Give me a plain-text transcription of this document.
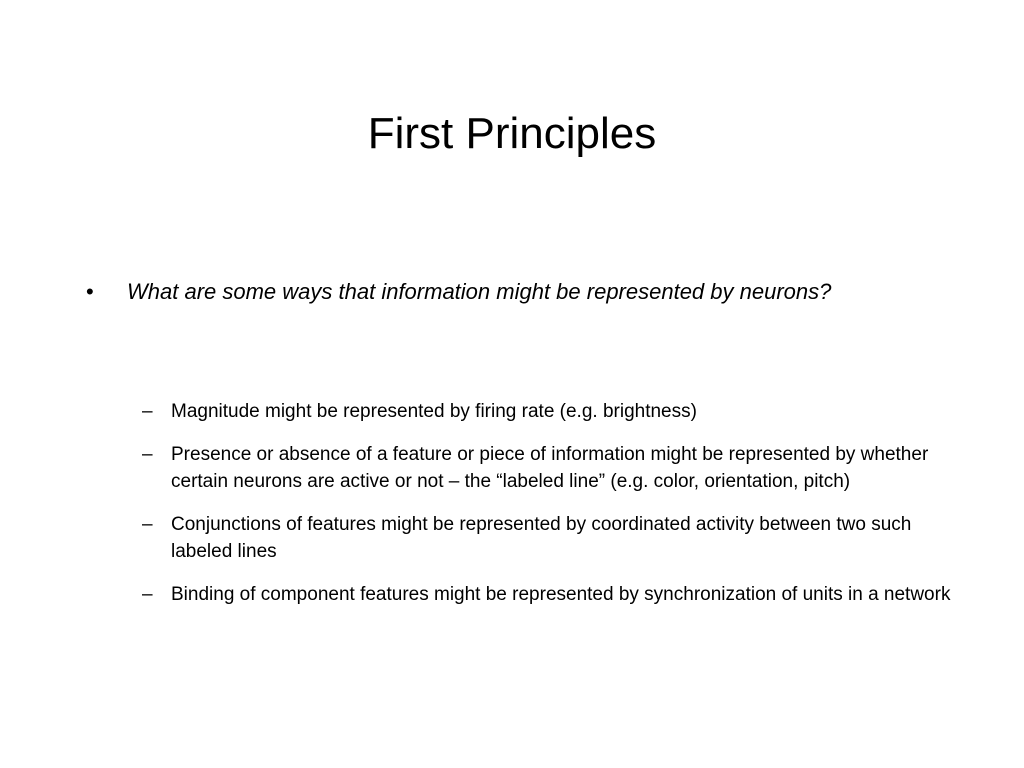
First Principles
•	What are some ways that information might be represented by neurons?
– Magnitude might be represented by firing rate (e.g. brightness)
– Presence or absence of a feature or piece of information might be represented by whether certain neurons are active or not – the “labeled line” (e.g. color, orientation, pitch)
– Conjunctions of features might be represented by coordinated activity between two such labeled lines
– Binding of component features might be represented by synchronization of units in a network
